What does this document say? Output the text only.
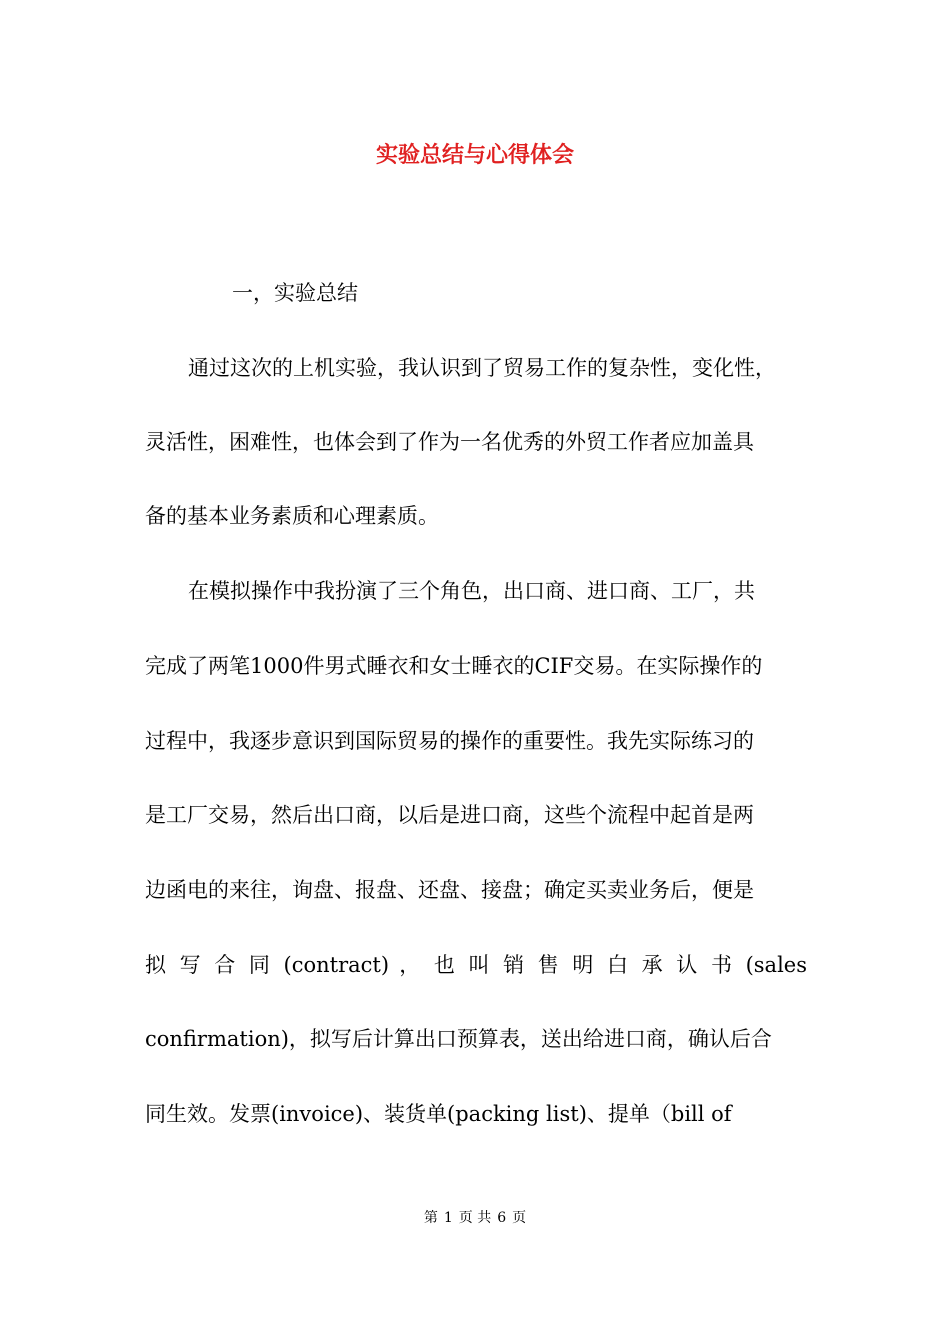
实验总结与心得体会

一，实验总结

通过这次的上机实验，我认识到了贸易工作的复杂性，变化性，

灵活性，困难性，也体会到了作为一名优秀的外贸工作者应加盖具

备的基本业务素质和心理素质。

在模拟操作中我扮演了三个角色，出口商、进口商、工厂，共

完成了两笔1000件男式睡衣和女士睡衣的CIF交易。在实际操作的

过程中，我逐步意识到国际贸易的操作的重要性。我先实际练习的

是工厂交易，然后出口商，以后是进口商，这些个流程中起首是两

边函电的来往，询盘、报盘、还盘、接盘；确定买卖业务后，便是

拟 写 合 同 (contract) ， 也 叫 销 售 明 白 承 认 书 (sales

confirmation)，拟写后计算出口预算表，送出给进口商，确认后合

同生效。发票(invoice)、装货单(packing list)、提单（bill of

第 1 页 共 6 页
